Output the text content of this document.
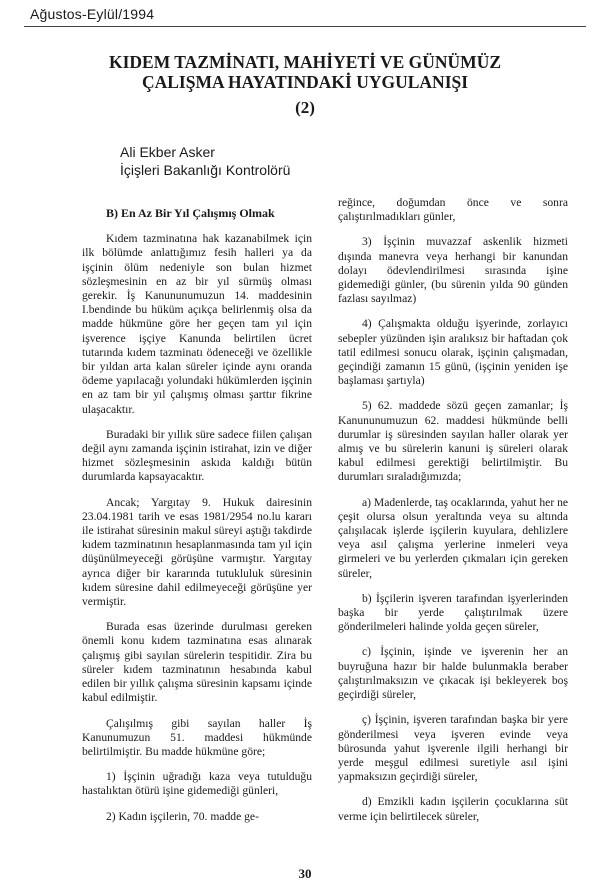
Ağustos-Eylül/1994
KIDEM TAZMİNATI, MAHİYETİ VE GÜNÜMÜZ
ÇALIŞMA HAYATINDAKİ UYGULANIŞI
(2)
Ali Ekber Asker
İçişleri Bakanlığı Kontrolörü
B) En Az Bir Yıl Çalışmış Olmak

Kıdem tazminatına hak kazanabilmek için ilk bölümde anlattığımız fesih halleri ya da işçinin ölüm nedeniyle son bulan hizmet sözleşmesinin en az bir yıl sürmüş olması gerekir. İş Kanununumuzun 14. maddesinin I.bendinde bu hüküm açıkça belirlenmiş olsa da madde hükmüne göre her geçen tam yıl için işverence işçiye Kanunda belirtilen ücret tutarında kıdem tazminatı ödeneceği ve özellikle bir yıldan arta kalan süreler içinde aynı oranda ödeme yapılacağı yolundaki hükümlerden işçinin en az tam bir yıl çalışmış olması şarttır fikrine ulaşacaktır.

Buradaki bir yıllık süre sadece fiilen çalışan değil aynı zamanda işçinin istirahat, izin ve diğer hizmet sözleşmesinin askıda kaldığı bütün durumlarda kapsayacaktır.

Ancak; Yargıtay 9. Hukuk dairesinin 23.04.1981 tarih ve esas 1981/2954 no.lu kararı ile istirahat süresinin makul süreyi aştığı takdirde kıdem tazminatının hesaplanmasında tam yıl için düşünülmeyeceği görüşüne varmıştır. Yargıtay ayrıca diğer bir kararında tutukluluk süresinin kıdem süresine dahil edilmeyeceği görüşüne yer vermiştir.

Burada esas üzerinde durulması gereken önemli konu kıdem tazminatına esas alınarak çalışmış gibi sayılan sürelerin tespitidir. Zira bu süreler kıdem tazminatının hesabında kabul edilen bir yıllık çalışma süresinin kapsamı içinde kabul edilmiştir.

Çalışılmış gibi sayılan haller İş Kanunumuzun 51. maddesi hükmünde belirtilmiştir. Bu madde hükmüne göre;

1) İşçinin uğradığı kaza veya tutulduğu hastalıktan ötürü işine gidemediği günleri,

2) Kadın işçilerin, 70. madde ge-

reğince, doğumdan önce ve sonra çalıştırılmadıkları günler,

3) İşçinin muvazzaf askenlik hizmeti dışında manevra veya herhangi bir kanundan dolayı ödevlendirilmesi sırasında işine gidemediği günler, (bu sürenin yılda 90 günden fazlası sayılmaz)

4) Çalışmakta olduğu işyerinde, zorlayıcı sebepler yüzünden işin aralıksız bir haftadan çok tatil edilmesi sonucu olarak, işçinin çalışmadan, geçindiği zamanın 15 günü, (işçinin yeniden işe başlaması şartıyla)

5) 62. maddede sözü geçen zamanlar; İş Kanununumuzun 62. maddesi hükmünde belli durumlar iş süresinden sayılan haller olarak yer almış ve bu sürelerin kanuni iş süreleri olarak kabul edilmesi gerektiği belirtilmiştir. Bu durumları sıraladığımızda;

a) Madenlerde, taş ocaklarında, yahut her ne çeşit olursa olsun yeraltında veya su altında çalışılacak işlerde işçilerin kuyulara, dehlizlere veya asıl çalışma yerlerine inmeleri veya girmeleri ve bu yerlerden çıkmaları için gereken süreler,

b) İşçilerin işveren tarafından işyerlerinden başka bir yerde çalıştırılmak üzere gönderilmeleri halinde yolda geçen süreler,

c) İşçinin, işinde ve işverenin her an buyruğuna hazır bir halde bulunmakla beraber çalıştırılmaksızın ve çıkacak işi bekleyerek boş geçirdiği süreler,

ç) İşçinin, işveren tarafından başka bir yere gönderilmesi veya işveren evinde veya bürosunda yahut işverenle ilgili herhangi bir yerde meşgul edilmesi suretiyle asıl işini yapmaksızın geçirdiği süreler,

d) Emzikli kadın işçilerin çocuklarına süt verme için belirtilecek süreler,

30
